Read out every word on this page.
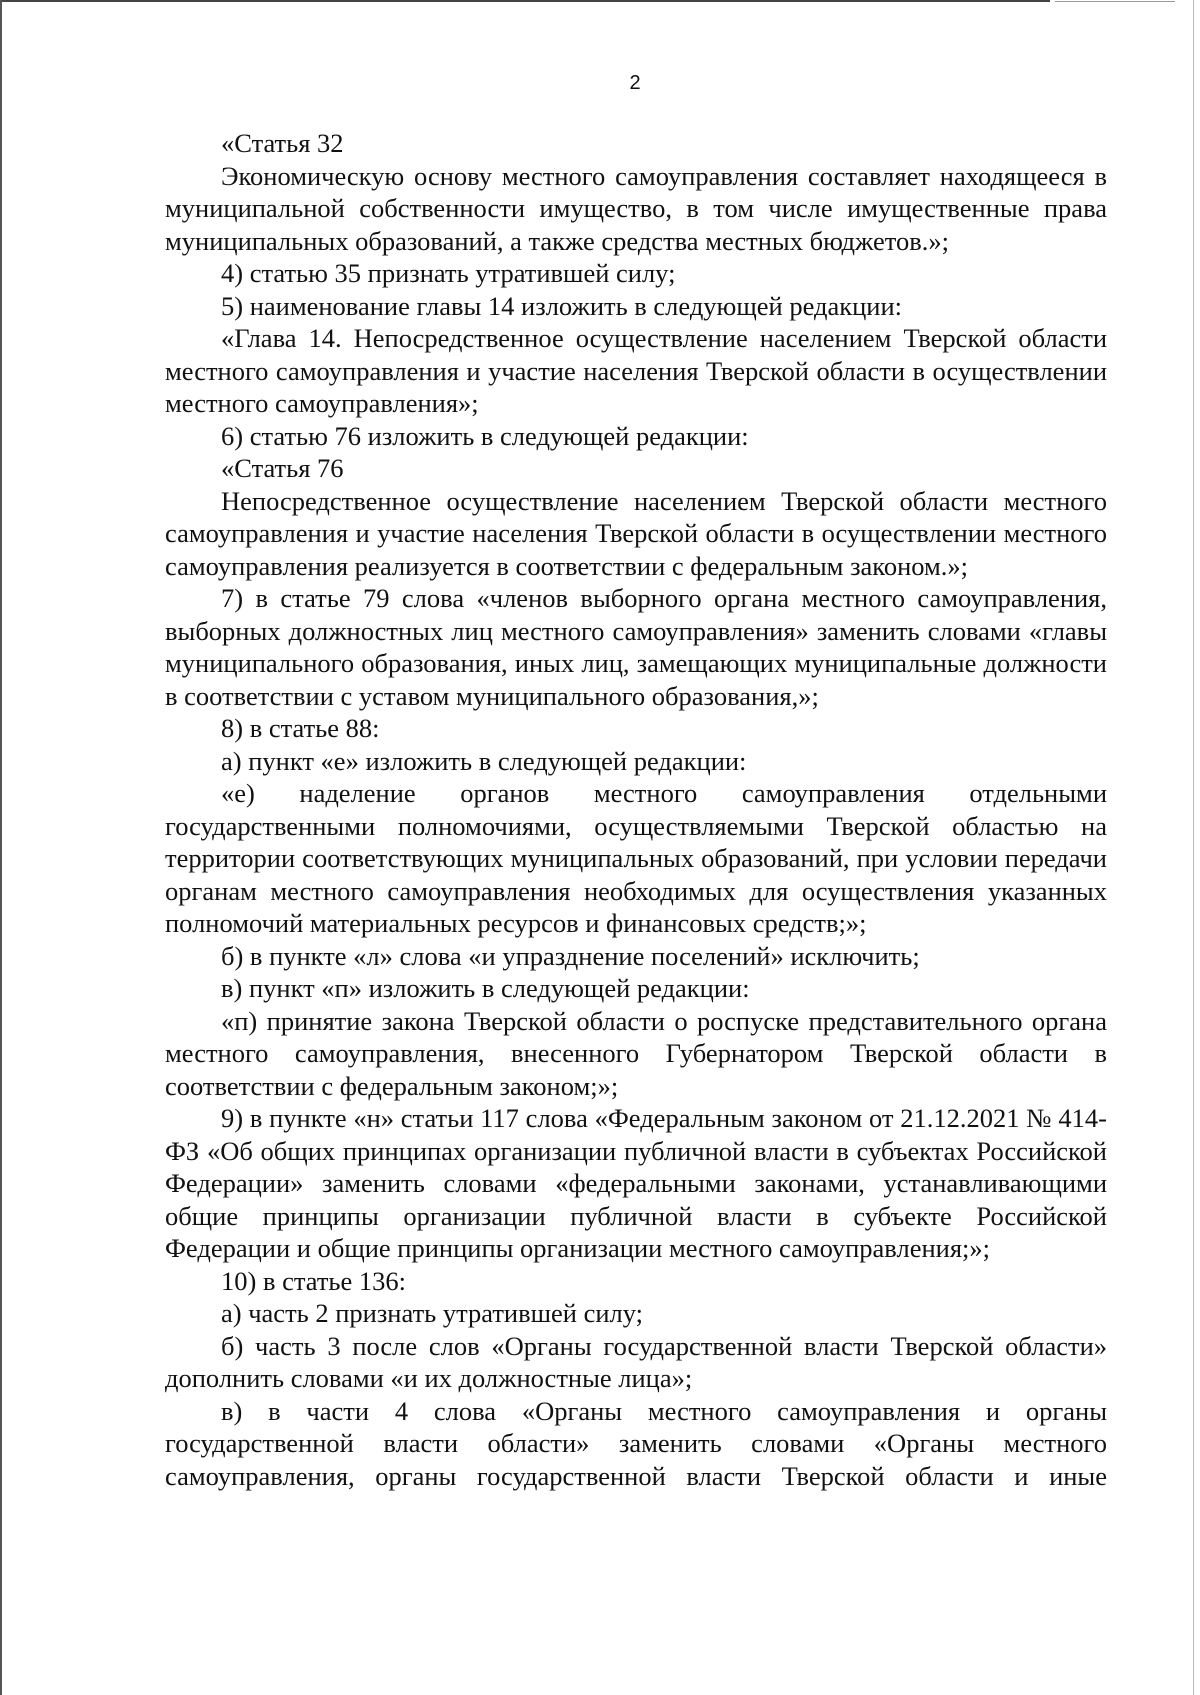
2

«Статья 32

Экономическую основу местного самоуправления составляет находящееся в муниципальной собственности имущество, в том числе имущественные права муниципальных образований, а также средства местных бюджетов.»;

4) статью 35 признать утратившей силу;

5) наименование главы 14 изложить в следующей редакции:

«Глава 14. Непосредственное осуществление населением Тверской области местного самоуправления и участие населения Тверской области в осуществлении местного самоуправления»;

6) статью 76 изложить в следующей редакции:

«Статья 76

Непосредственное осуществление населением Тверской области местного самоуправления и участие населения Тверской области в осуществлении местного самоуправления реализуется в соответствии с федеральным законом.»;

7) в статье 79 слова «членов выборного органа местного самоуправления, выборных должностных лиц местного самоуправления» заменить словами «главы муниципального образования, иных лиц, замещающих муниципальные должности в соответствии с уставом муниципального образования,»;

8) в статье 88:

а) пункт «е» изложить в следующей редакции:

«е) наделение органов местного самоуправления отдельными государственными полномочиями, осуществляемыми Тверской областью на территории соответствующих муниципальных образований, при условии передачи органам местного самоуправления необходимых для осуществления указанных полномочий материальных ресурсов и финансовых средств;»;

б) в пункте «л» слова «и упразднение поселений» исключить;

в) пункт «п» изложить в следующей редакции:

«п) принятие закона Тверской области о роспуске представительного органа местного самоуправления, внесенного Губернатором Тверской области в соответствии с федеральным законом;»;

9) в пункте «н» статьи 117 слова «Федеральным законом от 21.12.2021 № 414-ФЗ «Об общих принципах организации публичной власти в субъектах Российской Федерации» заменить словами «федеральными законами, устанавливающими общие принципы организации публичной власти в субъекте Российской Федерации и общие принципы организации местного самоуправления;»;

10) в статье 136:

а) часть 2 признать утратившей силу;

б) часть 3 после слов «Органы государственной власти Тверской области» дополнить словами «и их должностные лица»;

в) в части 4 слова «Органы местного самоуправления и органы государственной власти области» заменить словами «Органы местного самоуправления, органы государственной власти Тверской области и иные
